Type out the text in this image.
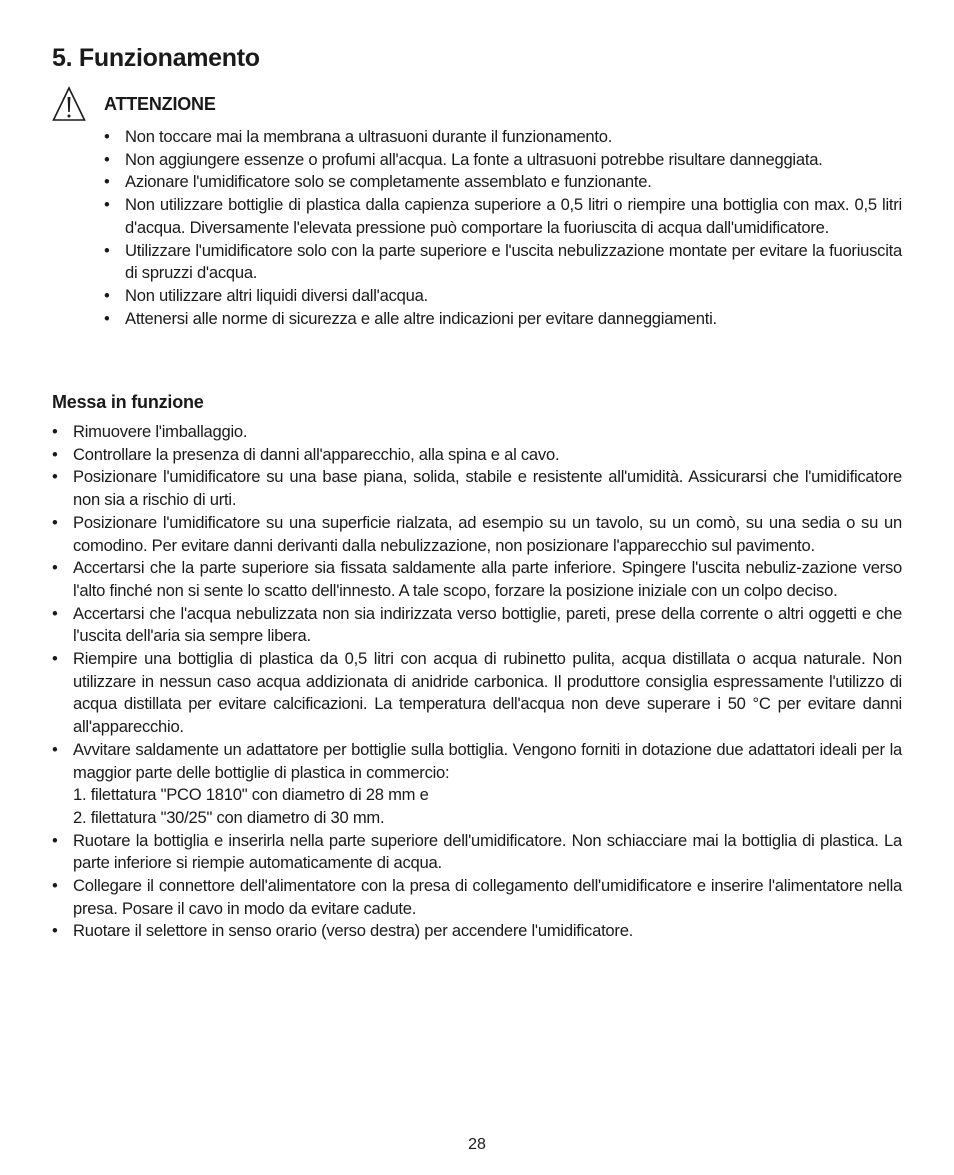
5. Funzionamento
ATTENZIONE
• Non toccare mai la membrana a ultrasuoni durante il funzionamento.
• Non aggiungere essenze o profumi all'acqua. La fonte a ultrasuoni potrebbe risultare danneggiata.
• Azionare l'umidificatore solo se completamente assemblato e funzionante.
• Non utilizzare bottiglie di plastica dalla capienza superiore a 0,5 litri o riempire una bottiglia con max. 0,5 litri d'acqua. Diversamente l'elevata pressione può comportare la fuoriuscita di acqua dall'umidificatore.
• Utilizzare l'umidificatore solo con la parte superiore e l'uscita nebulizzazione montate per evitare la fuoriuscita di spruzzi d'acqua.
• Non utilizzare altri liquidi diversi dall'acqua.
• Attenersi alle norme di sicurezza e alle altre indicazioni per evitare danneggiamenti.
Messa in funzione
• Rimuovere l'imballaggio.
• Controllare la presenza di danni all'apparecchio, alla spina e al cavo.
• Posizionare l'umidificatore su una base piana, solida, stabile e resistente all'umidità. Assicurarsi che l'umidificatore non sia a rischio di urti.
• Posizionare l'umidificatore su una superficie rialzata, ad esempio su un tavolo, su un comò, su una sedia o su un comodino. Per evitare danni derivanti dalla nebulizzazione, non posizionare l'apparecchio sul pavimento.
• Accertarsi che la parte superiore sia fissata saldamente alla parte inferiore. Spingere l'uscita nebuliz-zazione verso l'alto finché non si sente lo scatto dell'innesto. A tale scopo, forzare la posizione iniziale con un colpo deciso.
• Accertarsi che l'acqua nebulizzata non sia indirizzata verso bottiglie, pareti, prese della corrente o altri oggetti e che l'uscita dell'aria sia sempre libera.
• Riempire una bottiglia di plastica da 0,5 litri con acqua di rubinetto pulita, acqua distillata o acqua naturale. Non utilizzare in nessun caso acqua addizionata di anidride carbonica. Il produttore consiglia espressamente l'utilizzo di acqua distillata per evitare calcificazioni. La temperatura dell'acqua non deve superare i 50 °C per evitare danni all'apparecchio.
• Avvitare saldamente un adattatore per bottiglie sulla bottiglia. Vengono forniti in dotazione due adattatori ideali per la maggior parte delle bottiglie di plastica in commercio:
1. filettatura "PCO 1810" con diametro di 28 mm e
2. filettatura "30/25" con diametro di 30 mm.
• Ruotare la bottiglia e inserirla nella parte superiore dell'umidificatore. Non schiacciare mai la bottiglia di plastica. La parte inferiore si riempie automaticamente di acqua.
• Collegare il connettore dell'alimentatore con la presa di collegamento dell'umidificatore e inserire l'alimentatore nella presa. Posare il cavo in modo da evitare cadute.
• Ruotare il selettore in senso orario (verso destra) per accendere l'umidificatore.
28
